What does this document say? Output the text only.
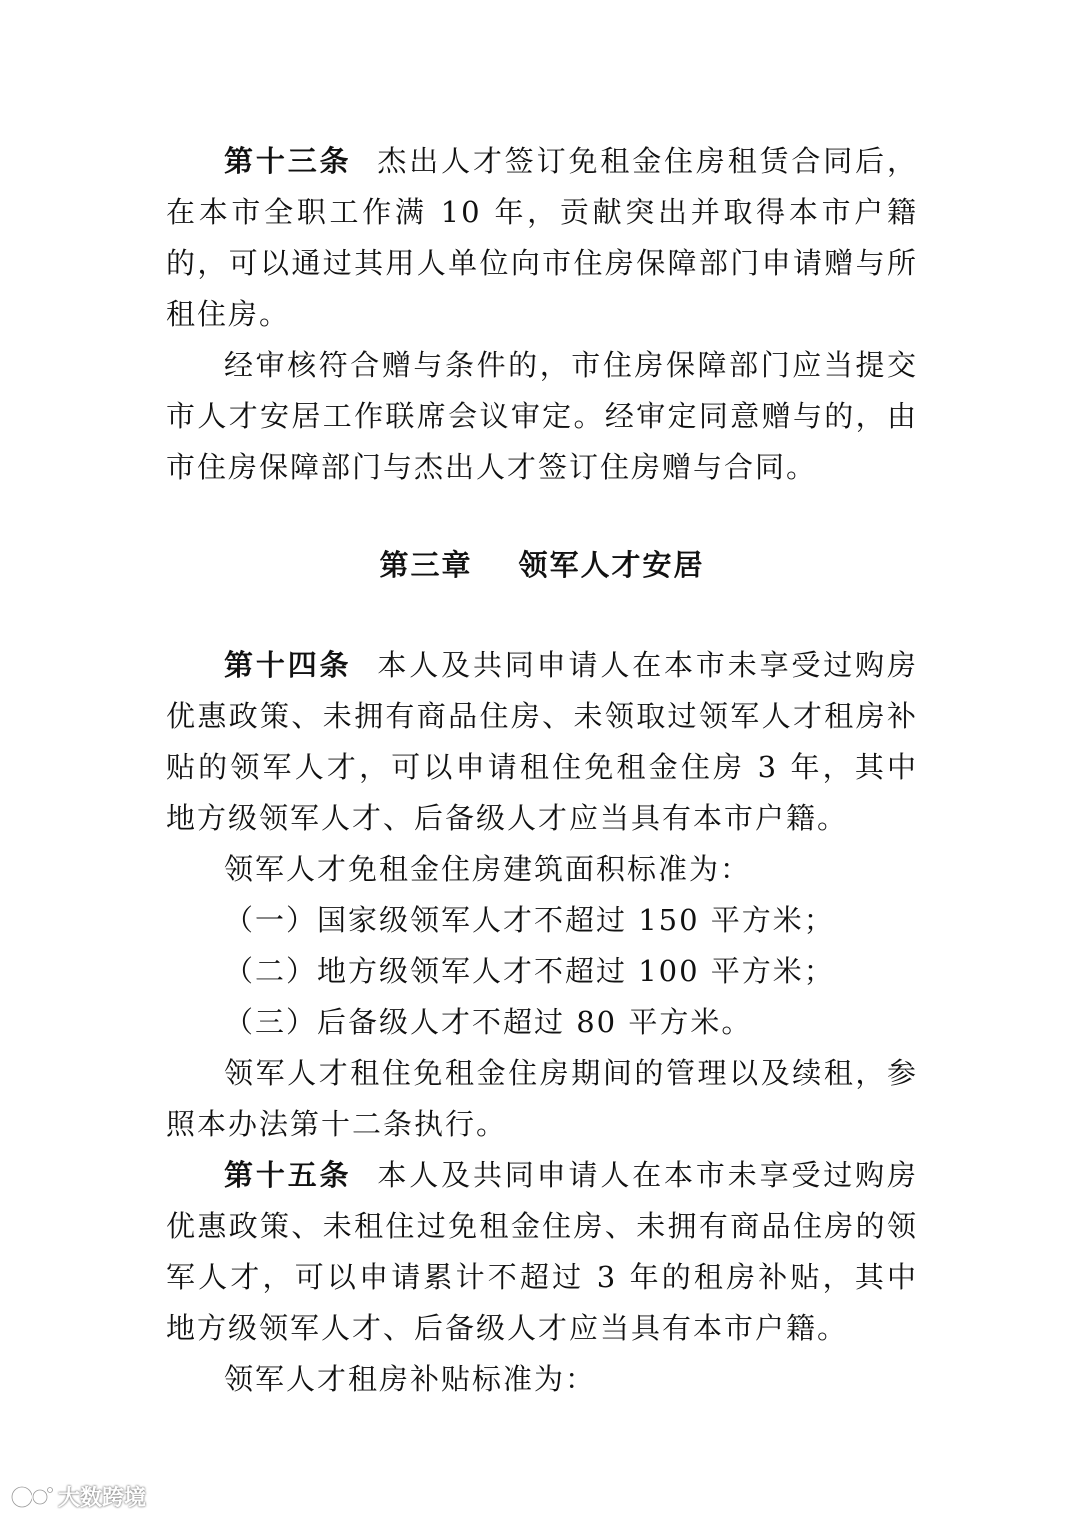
第十三条 杰出人才签订免租金住房租赁合同后，在本市全职工作满 10 年，贡献突出并取得本市户籍的，可以通过其用人单位向市住房保障部门申请赠与所租住房。

经审核符合赠与条件的，市住房保障部门应当提交市人才安居工作联席会议审定。经审定同意赠与的，由市住房保障部门与杰出人才签订住房赠与合同。

第三章 领军人才安居

第十四条 本人及共同申请人在本市未享受过购房优惠政策、未拥有商品住房、未领取过领军人才租房补贴的领军人才，可以申请租住免租金住房 3 年，其中地方级领军人才、后备级人才应当具有本市户籍。

领军人才免租金住房建筑面积标准为：

（一）国家级领军人才不超过 150 平方米；

（二）地方级领军人才不超过 100 平方米；

（三）后备级人才不超过 80 平方米。

领军人才租住免租金住房期间的管理以及续租，参照本办法第十二条执行。

第十五条 本人及共同申请人在本市未享受过购房优惠政策、未租住过免租金住房、未拥有商品住房的领军人才，可以申请累计不超过 3 年的租房补贴，其中地方级领军人才、后备级人才应当具有本市户籍。

领军人才租房补贴标准为：

大数跨境
